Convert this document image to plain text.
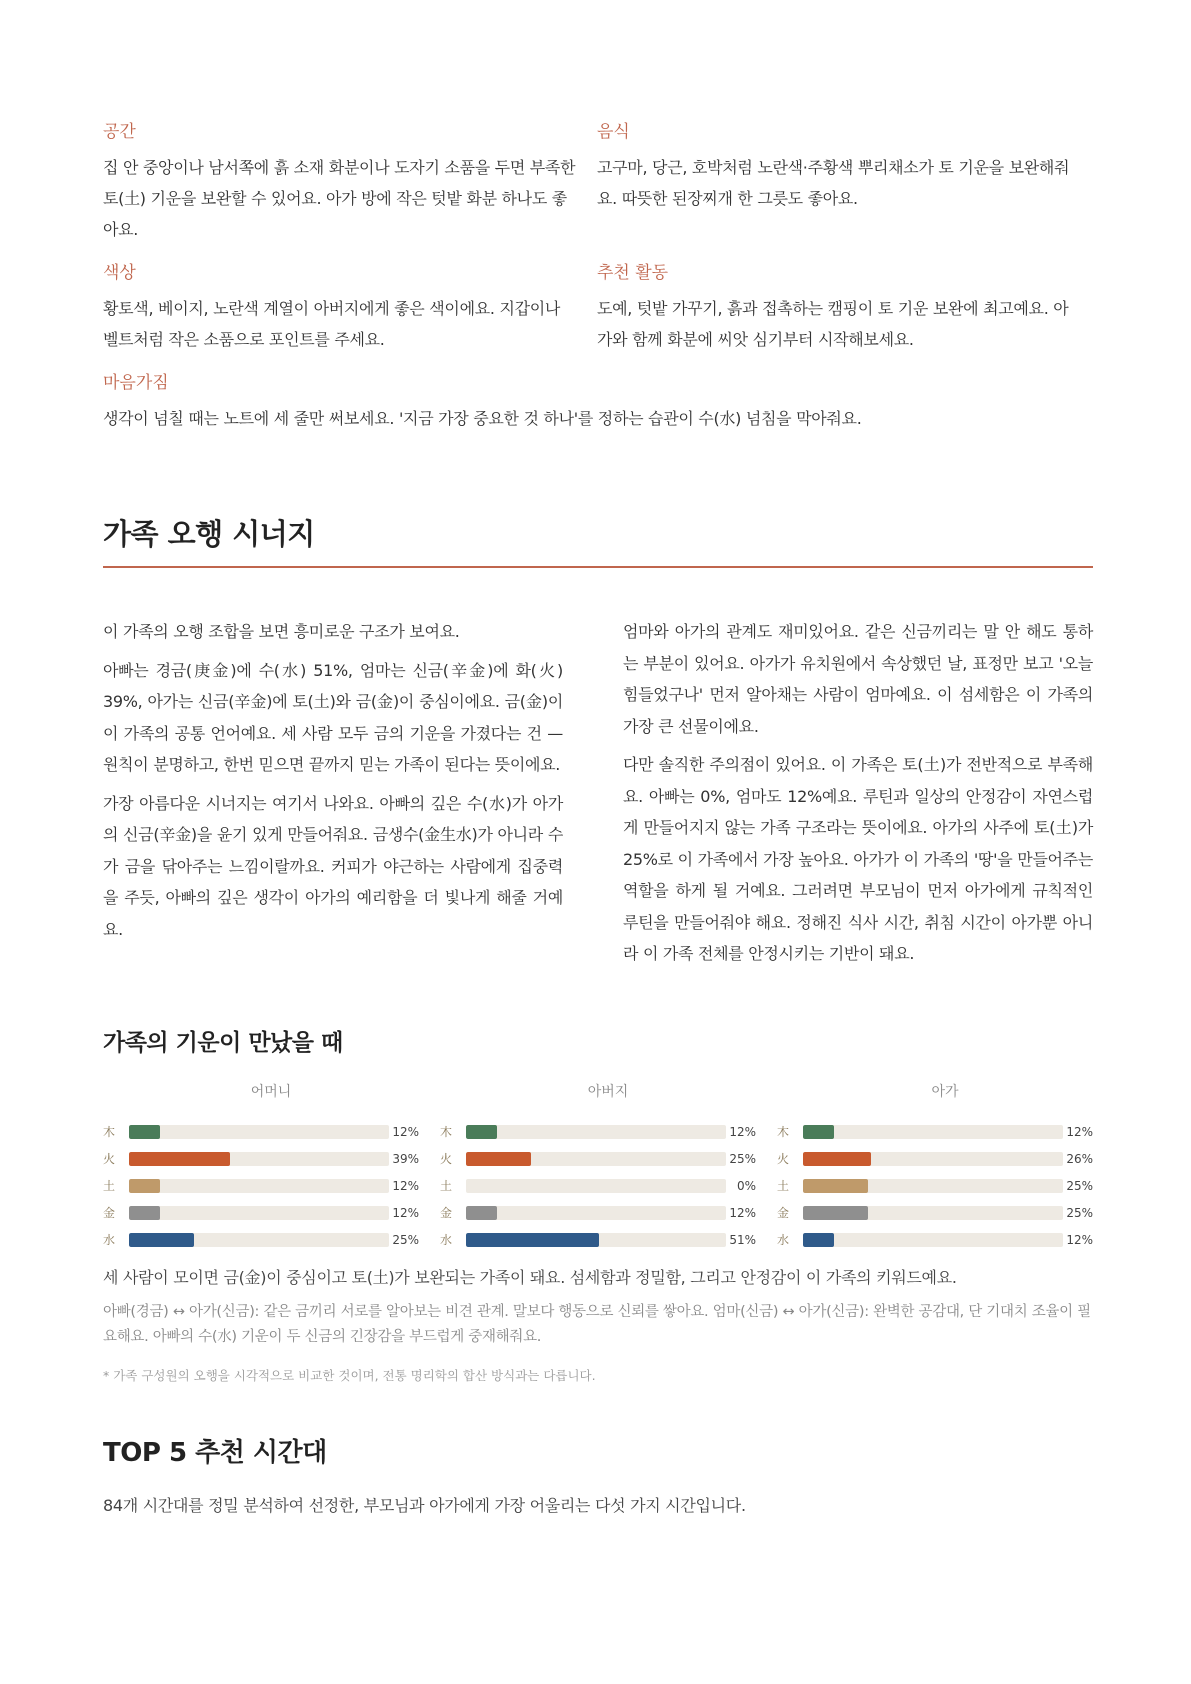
공간
집 안 중앙이나 남서쪽에 흙 소재 화분이나 도자기 소품을 두면 부족한 토(土) 기운을 보완할 수 있어요. 아가 방에 작은 텃밭 화분 하나도 좋아요.
음식
고구마, 당근, 호박처럼 노란색·주황색 뿌리채소가 토 기운을 보완해줘요. 따뜻한 된장찌개 한 그릇도 좋아요.
색상
황토색, 베이지, 노란색 계열이 아버지에게 좋은 색이에요. 지갑이나 벨트처럼 작은 소품으로 포인트를 주세요.
추천 활동
도예, 텃밭 가꾸기, 흙과 접촉하는 캠핑이 토 기운 보완에 최고예요. 아가와 함께 화분에 씨앗 심기부터 시작해보세요.
마음가짐
생각이 넘칠 때는 노트에 세 줄만 써보세요. '지금 가장 중요한 것 하나'를 정하는 습관이 수(水) 넘침을 막아줘요.
가족 오행 시너지

이 가족의 오행 조합을 보면 흥미로운 구조가 보여요.

아빠는 경금(庚金)에 수(水) 51%, 엄마는 신금(辛金)에 화(火) 39%, 아가는 신금(辛金)에 토(土)와 금(金)이 중심이에요. 금(金)이 이 가족의 공통 언어예요. 세 사람 모두 금의 기운을 가졌다는 건 — 원칙이 분명하고, 한번 믿으면 끝까지 믿는 가족이 된다는 뜻이에요.

가장 아름다운 시너지는 여기서 나와요. 아빠의 깊은 수(水)가 아가의 신금(辛金)을 윤기 있게 만들어줘요. 금생수(金生水)가 아니라 수가 금을 닦아주는 느낌이랄까요. 커피가 야근하는 사람에게 집중력을 주듯, 아빠의 깊은 생각이 아가의 예리함을 더 빛나게 해줄 거예요.

엄마와 아가의 관계도 재미있어요. 같은 신금끼리는 말 안 해도 통하는 부분이 있어요. 아가가 유치원에서 속상했던 날, 표정만 보고 '오늘 힘들었구나' 먼저 알아채는 사람이 엄마예요. 이 섬세함은 이 가족의 가장 큰 선물이에요.

다만 솔직한 주의점이 있어요. 이 가족은 토(土)가 전반적으로 부족해요. 아빠는 0%, 엄마도 12%예요. 루틴과 일상의 안정감이 자연스럽게 만들어지지 않는 가족 구조라는 뜻이에요. 아가의 사주에 토(土)가 25%로 이 가족에서 가장 높아요. 아가가 이 가족의 '땅'을 만들어주는 역할을 하게 될 거예요. 그러려면 부모님이 먼저 아가에게 규칙적인 루틴을 만들어줘야 해요. 정해진 식사 시간, 취침 시간이 아가뿐 아니라 이 가족 전체를 안정시키는 기반이 돼요.

가족의 기운이 만났을 때
어머니
木	12%
火	39%
土	12%
金	12%
水	25%
아버지
木	12%
火	25%
土	0%
金	12%
水	51%
아가
木	12%
火	26%
土	25%
金	25%
水	12%

세 사람이 모이면 금(金)이 중심이고 토(土)가 보완되는 가족이 돼요. 섬세함과 정밀함, 그리고 안정감이 이 가족의 키워드예요.

아빠(경금) ↔ 아가(신금): 같은 금끼리 서로를 알아보는 비견 관계. 말보다 행동으로 신뢰를 쌓아요. 엄마(신금) ↔ 아가(신금): 완벽한 공감대, 단 기대치 조율이 필요해요. 아빠의 수(水) 기운이 두 신금의 긴장감을 부드럽게 중재해줘요.

* 가족 구성원의 오행을 시각적으로 비교한 것이며, 전통 명리학의 합산 방식과는 다릅니다.

TOP 5 추천 시간대

84개 시간대를 정밀 분석하여 선정한, 부모님과 아가에게 가장 어울리는 다섯 가지 시간입니다.
